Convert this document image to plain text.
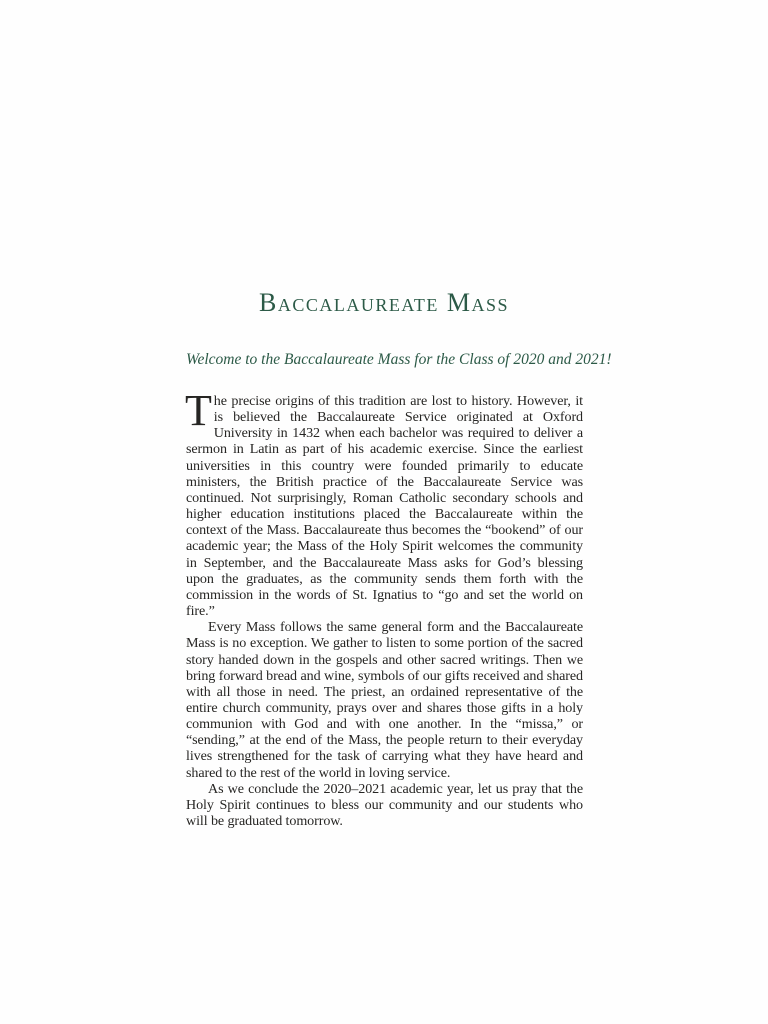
Baccalaureate Mass

Welcome to the Baccalaureate Mass for the Class of 2020 and 2021!

The precise origins of this tradition are lost to history. However, it is believed the Baccalaureate Service originated at Oxford University in 1432 when each bachelor was required to deliver a sermon in Latin as part of his academic exercise. Since the earliest universities in this country were founded primarily to educate ministers, the British practice of the Baccalaureate Service was continued. Not surprisingly, Roman Catholic secondary schools and higher education institutions placed the Baccalaureate within the context of the Mass. Baccalaureate thus becomes the “bookend” of our academic year; the Mass of the Holy Spirit welcomes the community in September, and the Baccalaureate Mass asks for God’s blessing upon the graduates, as the community sends them forth with the commission in the words of St. Ignatius to “go and set the world on fire.”

Every Mass follows the same general form and the Baccalaureate Mass is no exception. We gather to listen to some portion of the sacred story handed down in the gospels and other sacred writings. Then we bring forward bread and wine, symbols of our gifts received and shared with all those in need. The priest, an ordained representative of the entire church community, prays over and shares those gifts in a holy communion with God and with one another. In the “missa,” or “sending,” at the end of the Mass, the people return to their everyday lives strengthened for the task of carrying what they have heard and shared to the rest of the world in loving service.

As we conclude the 2020–2021 academic year, let us pray that the Holy Spirit continues to bless our community and our students who will be graduated tomorrow.
